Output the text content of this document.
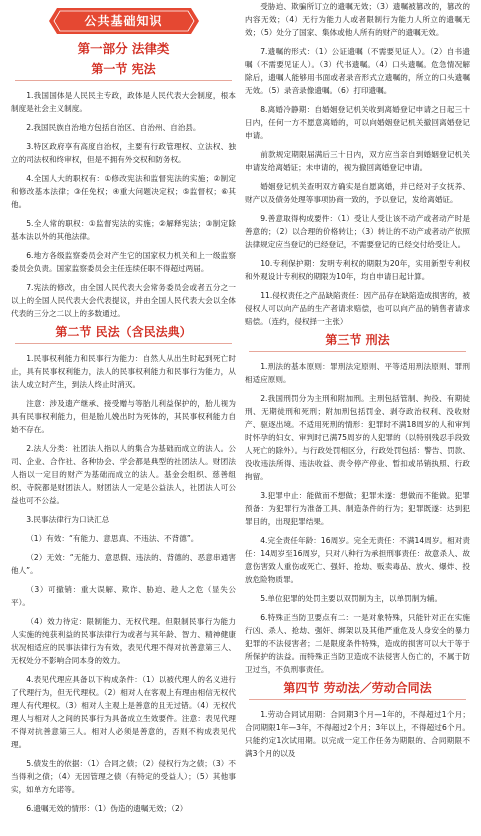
公共基础知识
第一部分 法律类
第一节 宪法

1.我国国体是人民民主专政，政体是人民代表大会制度，根本制度是社会主义制度。

2.我国民族自治地方包括自治区、自治州、自治县。

3.特区政府享有高度自治权，主要有行政管理权、立法权、独立的司法权和终审权，但是不拥有外交权和防务权。

4.全国人大的职权有：①修改宪法和监督宪法的实施；②制定和修改基本法律；③任免权；④重大问题决定权；⑤监督权；⑥其他。

5.全人常的职权：①监督宪法的实施；②解释宪法；③制定除基本法以外的其他法律。

6.地方各级监察委员会对产生它的国家权力机关和上一级监察委员会负责。国家监察委员会主任连续任职不得超过两届。

7.宪法的修改，由全国人民代表大会常务委员会或者五分之一以上的全国人民代表大会代表提议，并由全国人民代表大会以全体代表的三分之二以上的多数通过。

第二节 民法（含民法典）

1.民事权利能力和民事行为能力：自然人从出生时起到死亡时止，具有民事权利能力，法人的民事权利能力和民事行为能力，从法人成立时产生，到法人终止时消灭。

注意：涉及遗产继承、接受赠与等胎儿利益保护的，胎儿视为具有民事权利能力，但是胎儿娩出时为死体的，其民事权利能力自始不存在。

2.法人分类：社团法人指以人的集合为基础而成立的法人。公司、企业、合作社、各种协会、学会都是典型的社团法人。财团法人指以一定目的财产为基础而成立的法人。基金会组织、慈善组织、寺院都是财团法人。财团法人一定是公益法人，社团法人可公益也可不公益。

3.民事法律行为口诀汇总

（1）有效：“有能力、意思真、不违法、不背德”。

（2）无效：“无能力、意思假、违法的、背德的、恶意串通害他人”。

（3）可撤销：重大误解、欺诈、胁迫、趁人之危（显失公平）。

（4）效力待定：限制能力、无权代理。但限制民事行为能力人实施的纯获利益的民事法律行为或者与其年龄、智力、精神健康状况相适应的民事法律行为有效，表见代理不得对抗善意第三人、无权处分不影响合同本身的效力。

4.表见代理应具备以下构成条件：（1）以被代理人的名义进行了代理行为，但无代理权。（2）相对人在客观上有理由相信无权代理人有代理权。（3）相对人主观上是善意的且无过错。（4）无权代理人与相对人之间的民事行为具备成立生效要件。注意：表见代理不得对抗善意第三人。相对人必须是善意的，否则不构成表见代理。

5.债发生的依据：（1）合同之债；（2）侵权行为之债；（3）不当得利之债；（4）无因管理之债（有特定的受益人）；（5）其他事实，如单方允诺等。

6.遗嘱无效的情形：（1）伪造的遗嘱无效；（2）

受胁迫、欺骗所订立的遗嘱无效；（3）遗嘱被篡改的，篡改的内容无效；（4）无行为能力人或者限制行为能力人所立的遗嘱无效；（5）处分了国家、集体或他人所有的财产的遗嘱无效。

7.遗嘱的形式：（1）公证遗嘱（不需要见证人）。（2）自书遗嘱（不需要见证人）。（3）代书遗嘱。（4）口头遗嘱。危急情况解除后，遗嘱人能够用书面或者录音形式立遗嘱的，所立的口头遗嘱无效。（5）录音录像遗嘱。（6）打印遗嘱。

8.离婚冷静期：自婚姻登记机关收到离婚登记申请之日起三十日内，任何一方不愿意离婚的，可以向婚姻登记机关撤回离婚登记申请。

前款规定期限届满后三十日内，双方应当亲自到婚姻登记机关申请发给离婚证；未申请的，视为撤回离婚登记申请。

婚姻登记机关查明双方确实是自愿离婚，并已经对子女抚养、财产以及债务处理等事项协商一致的，予以登记，发给离婚证。

9.善意取得构成要件：（1）受让人受让该不动产或者动产时是善意的；（2）以合理的价格转让；（3）转让的不动产或者动产依照法律规定应当登记的已经登记，不需要登记的已经交付给受让人。

10.专利保护期：发明专利权的期限为20年，实用新型专利权和外观设计专利权的期限为10年，均自申请日起计算。

11.侵权责任之产品缺陷责任：因产品存在缺陷造成损害的，被侵权人可以向产品的生产者请求赔偿，也可以向产品的销售者请求赔偿。（连约，侵权择一主张）

第三节 刑法

1.刑法的基本原则：罪刑法定原则、平等适用刑法原则、罪刑相适应原则。

2.我国刑罚分为主刑和附加刑。主刑包括管制、拘役、有期徒刑、无期徒刑和死刑；附加刑包括罚金、剥夺政治权利、没收财产、驱逐出境。不适用死刑的情形：犯罪时不满18周岁的人和审判时怀孕的妇女、审判时已满75周岁的人犯罪的（以特别残忍手段致人死亡的除外）。与行政处罚相区分，行政处罚包括：警告、罚款、没收违法所得、违法收益、责令停产停业、暂扣或吊销执照、行政拘留。

3.犯罪中止：能做而不想做；犯罪未遂：想做而不能做。犯罪预备：为犯罪行为准备工具、制造条件的行为；犯罪既遂：达到犯罪目的，出现犯罪结果。

4.完全责任年龄：16周岁。完全无责任：不满14周岁。相对责任：14周岁至16周岁，只对八种行为承担刑事责任：故意杀人、故意伤害致人重伤或死亡、强奸、抢劫、贩卖毒品、放火、爆炸、投放危险物质罪。

5.单位犯罪的处罚主要以双罚制为主，以单罚制为辅。

6.特殊正当防卫要点有二：一是对象特殊，只能针对正在实施行凶、杀人、抢劫、强奸、绑架以及其他严重危及人身安全的暴力犯罪的不法侵害者；二是限度条件特殊，造成的损害可以大于等于所保护的法益。而特殊正当防卫造成不法侵害人伤亡的，不属于防卫过当，不负刑事责任。

第四节 劳动法／劳动合同法

1.劳动合同试用期：合同期3个月—1年的，不得超过1个月；合同期限1年—3年，不得超过2个月；3年以上，不得超过6个月。只能约定1次试用期。以完成一定工作任务为期限的、合同期限不满3个月的以及
